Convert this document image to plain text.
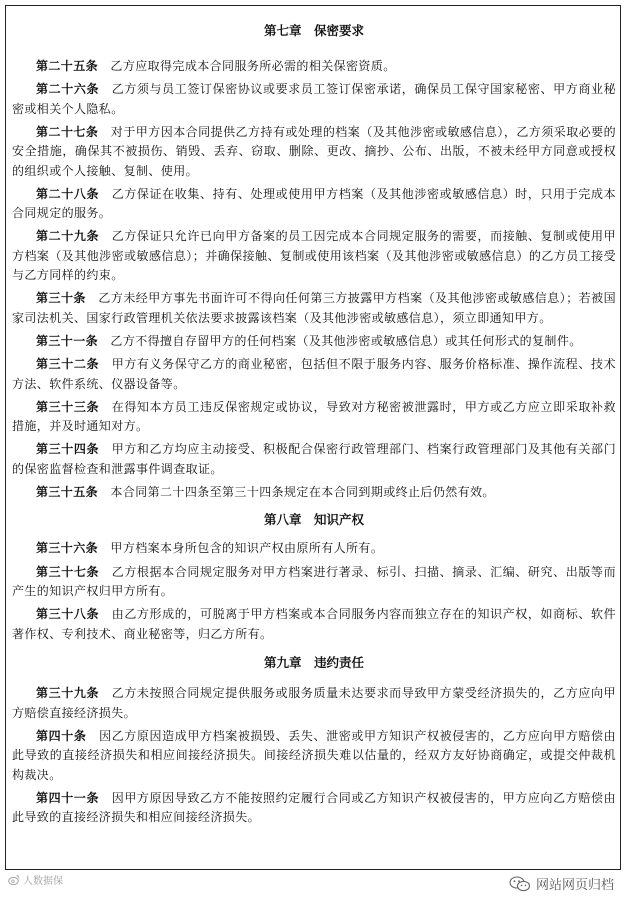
第七章　保密要求

第二十五条　 乙方应取得完成本合同服务所必需的相关保密资质。

第二十六条　 乙方须与员工签订保密协议或要求员工签订保密承诺，确保员工保守国家秘密、甲方商业秘密或相关个人隐私。

第二十七条　 对于甲方因本合同提供乙方持有或处理的档案（及其他涉密或敏感信息），乙方须采取必要的安全措施，确保其不被损伤、销毁、丢弃、窃取、删除、更改、摘抄、公布、出版，不被未经甲方同意或授权的组织或个人接触、复制、使用。

第二十八条　 乙方保证在收集、持有、处理或使用甲方档案（及其他涉密或敏感信息）时，只用于完成本合同规定的服务。

第二十九条　 乙方保证只允许已向甲方备案的员工因完成本合同规定服务的需要，而接触、复制或使用甲方档案（及其他涉密或敏感信息）；并确保接触、复制或使用该档案（及其他涉密或敏感信息）的乙方员工接受与乙方同样的约束。

第三十条　 乙方未经甲方事先书面许可不得向任何第三方披露甲方档案（及其他涉密或敏感信息）；若被国家司法机关、国家行政管理机关依法要求披露该档案（及其他涉密或敏感信息），须立即通知甲方。

第三十一条　 乙方不得擅自存留甲方的任何档案（及其他涉密或敏感信息）或其任何形式的复制件。

第三十二条　 甲方有义务保守乙方的商业秘密，包括但不限于服务内容、服务价格标准、操作流程、技术方法、软件系统、仪器设备等。

第三十三条　 在得知本方员工违反保密规定或协议，导致对方秘密被泄露时，甲方或乙方应立即采取补救措施，并及时通知对方。

第三十四条　 甲方和乙方均应主动接受、积极配合保密行政管理部门、档案行政管理部门及其他有关部门的保密监督检查和泄露事件调查取证。

第三十五条　 本合同第二十四条至第三十四条规定在本合同到期或终止后仍然有效。

第八章　知识产权

第三十六条　 甲方档案本身所包含的知识产权由原所有人所有。

第三十七条　 乙方根据本合同规定服务对甲方档案进行著录、标引、扫描、摘录、汇编、研究、出版等而产生的知识产权归甲方所有。

第三十八条　 由乙方形成的，可脱离于甲方档案或本合同服务内容而独立存在的知识产权，如商标、软件著作权、专利技术、商业秘密等，归乙方所有。

第九章　违约责任

第三十九条　 乙方未按照合同规定提供服务或服务质量未达要求而导致甲方蒙受经济损失的，乙方应向甲方赔偿直接经济损失。

第四十条　 因乙方原因造成甲方档案被损毁、丢失、泄密或甲方知识产权被侵害的，乙方应向甲方赔偿由此导致的直接经济损失和相应间接经济损失。间接经济损失难以估量的，经双方友好协商确定，或提交仲裁机构裁决。

第四十一条　 因甲方原因导致乙方不能按照约定履行合同或乙方知识产权被侵害的，甲方应向乙方赔偿由此导致的直接经济损失和相应间接经济损失。

人数据保	网站网页归档
